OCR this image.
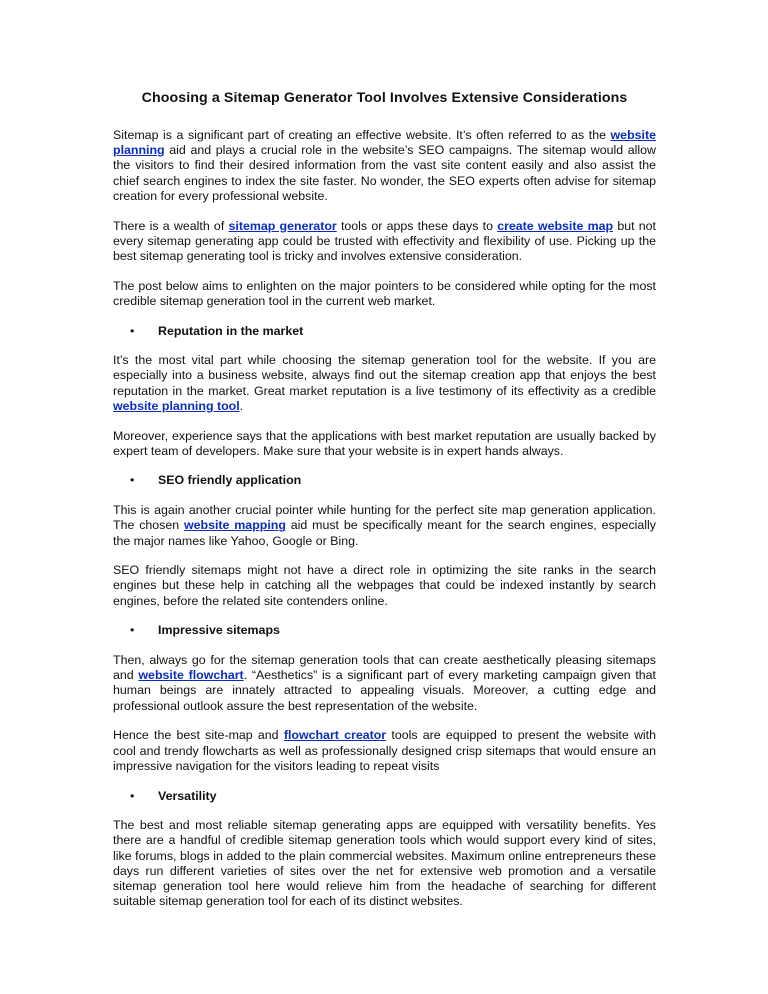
Choosing a Sitemap Generator Tool Involves Extensive Considerations

Sitemap is a significant part of creating an effective website. It’s often referred to as the website planning aid and plays a crucial role in the website’s SEO campaigns. The sitemap would allow the visitors to find their desired information from the vast site content easily and also assist the chief search engines to index the site faster. No wonder, the SEO experts often advise for sitemap creation for every professional website.

There is a wealth of sitemap generator tools or apps these days to create website map but not every sitemap generating app could be trusted with effectivity and flexibility of use. Picking up the best sitemap generating tool is tricky and involves extensive consideration.

The post below aims to enlighten on the major pointers to be considered while opting for the most credible sitemap generation tool in the current web market.

•	Reputation in the market

It’s the most vital part while choosing the sitemap generation tool for the website. If you are especially into a business website, always find out the sitemap creation app that enjoys the best reputation in the market. Great market reputation is a live testimony of its effectivity as a credible website planning tool.

Moreover, experience says that the applications with best market reputation are usually backed by expert team of developers. Make sure that your website is in expert hands always.

•	SEO friendly application

This is again another crucial pointer while hunting for the perfect site map generation application. The chosen website mapping aid must be specifically meant for the search engines, especially the major names like Yahoo, Google or Bing.

SEO friendly sitemaps might not have a direct role in optimizing the site ranks in the search engines but these help in catching all the webpages that could be indexed instantly by search engines, before the related site contenders online.

•	Impressive sitemaps

Then, always go for the sitemap generation tools that can create aesthetically pleasing sitemaps and website flowchart. “Aesthetics” is a significant part of every marketing campaign given that human beings are innately attracted to appealing visuals. Moreover, a cutting edge and professional outlook assure the best representation of the website.

Hence the best site-map and flowchart creator tools are equipped to present the website with cool and trendy flowcharts as well as professionally designed crisp sitemaps that would ensure an impressive navigation for the visitors leading to repeat visits

•	Versatility

The best and most reliable sitemap generating apps are equipped with versatility benefits. Yes there are a handful of credible sitemap generation tools which would support every kind of sites, like forums, blogs in added to the plain commercial websites. Maximum online entrepreneurs these days run different varieties of sites over the net for extensive web promotion and a versatile sitemap generation tool here would relieve him from the headache of searching for different suitable sitemap generation tool for each of its distinct websites.
